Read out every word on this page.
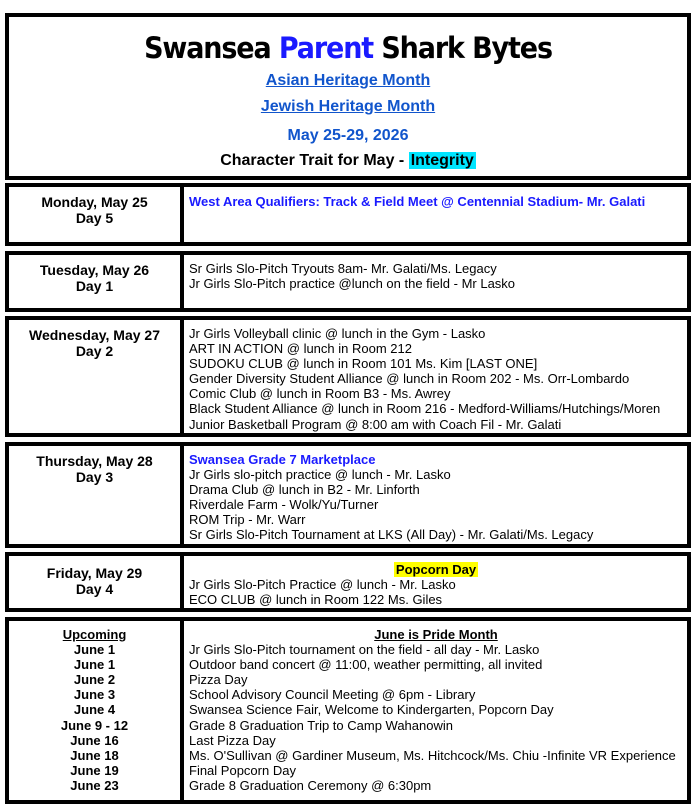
Swansea Parent Shark Bytes
Asian Heritage Month
Jewish Heritage Month
May 25-29, 2026
Character Trait for May - Integrity
Monday, May 25
Day 5
West Area Qualifiers: Track & Field Meet @ Centennial Stadium- Mr. Galati
Tuesday, May 26
Day 1
Sr Girls Slo-Pitch Tryouts 8am- Mr. Galati/Ms. Legacy
Jr Girls Slo-Pitch practice @lunch on the field - Mr Lasko
Wednesday, May 27
Day 2
Jr Girls Volleyball clinic @ lunch in the Gym - Lasko
ART IN ACTION @ lunch in Room 212
SUDOKU CLUB @ lunch in Room 101 Ms. Kim [LAST ONE]
Gender Diversity Student Alliance @ lunch in Room 202 - Ms. Orr-Lombardo
Comic Club @ lunch in Room B3 - Ms. Awrey
Black Student Alliance @ lunch in Room 216 - Medford-Williams/Hutchings/Moren
Junior Basketball Program @ 8:00 am with Coach Fil - Mr. Galati
Thursday, May 28
Day 3
Swansea Grade 7 Marketplace
Jr Girls slo-pitch practice @ lunch - Mr. Lasko
Drama Club @ lunch in B2 - Mr. Linforth
Riverdale Farm - Wolk/Yu/Turner
ROM Trip - Mr. Warr
Sr Girls Slo-Pitch Tournament at LKS (All Day) - Mr. Galati/Ms. Legacy
Friday, May 29
Day 4
Popcorn Day
Jr Girls Slo-Pitch Practice @ lunch - Mr. Lasko
ECO CLUB @ lunch in Room 122 Ms. Giles
Upcoming
June 1
June 1
June 2
June 3
June 4
June 9 - 12
June 16
June 18
June 19
June 23
June is Pride Month
Jr Girls Slo-Pitch tournament on the field - all day - Mr. Lasko
Outdoor band concert @ 11:00, weather permitting, all invited
Pizza Day
School Advisory Council Meeting @ 6pm - Library
Swansea Science Fair, Welcome to Kindergarten, Popcorn Day
Grade 8 Graduation Trip to Camp Wahanowin
Last Pizza Day
Ms. O'Sullivan @ Gardiner Museum, Ms. Hitchcock/Ms. Chiu -Infinite VR Experience
Final Popcorn Day
Grade 8 Graduation Ceremony @ 6:30pm
